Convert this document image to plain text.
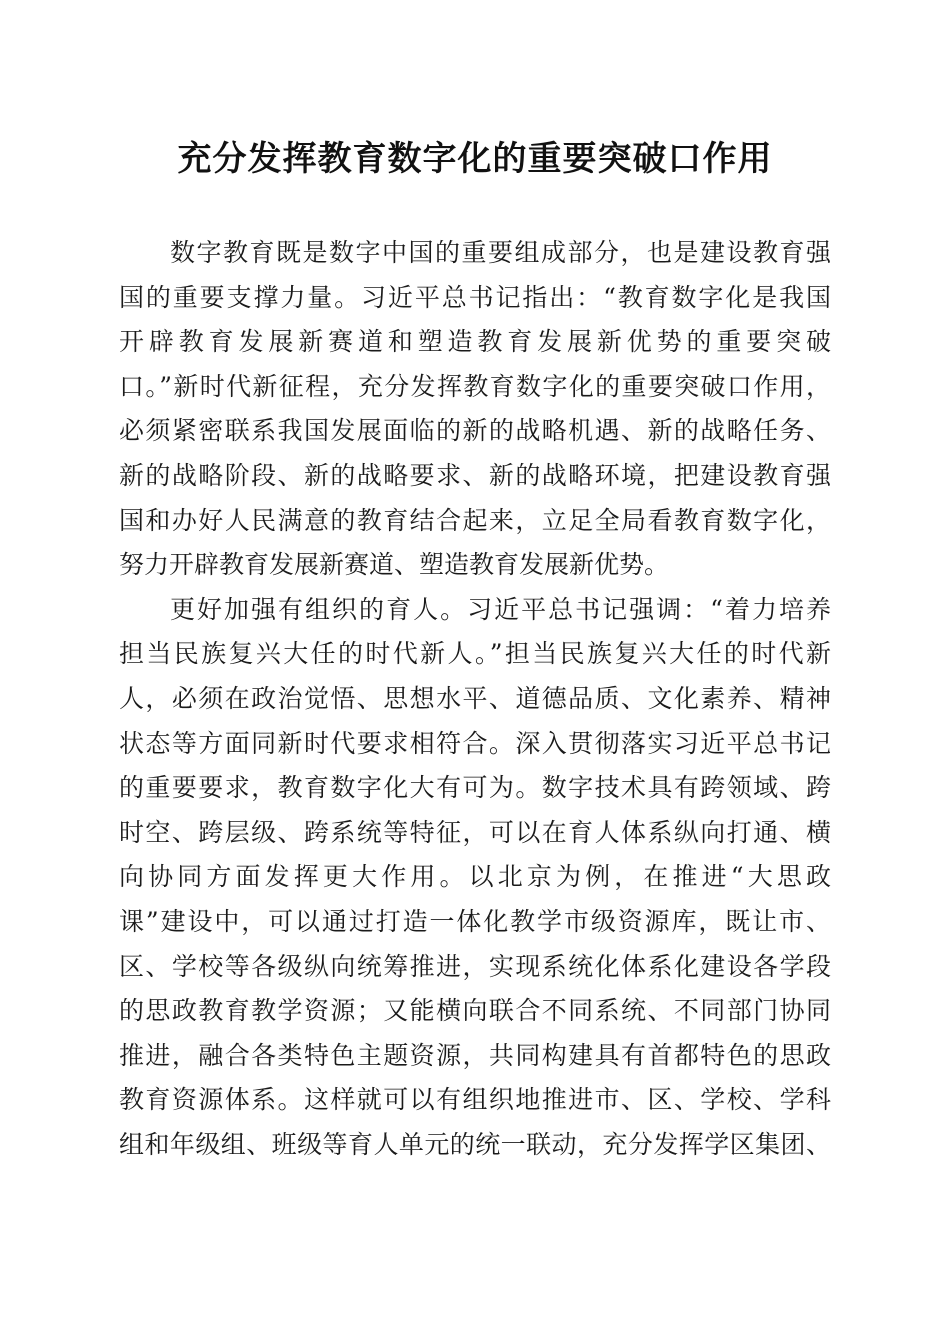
充分发挥教育数字化的重要突破口作用
数字教育既是数字中国的重要组成部分，也是建设教育强
国的重要支撑力量。习近平总书记指出：“教育数字化是我国
开辟教育发展新赛道和塑造教育发展新优势的重要突破
口。”新时代新征程，充分发挥教育数字化的重要突破口作用，
必须紧密联系我国发展面临的新的战略机遇、新的战略任务、
新的战略阶段、新的战略要求、新的战略环境，把建设教育强
国和办好人民满意的教育结合起来，立足全局看教育数字化，
努力开辟教育发展新赛道、塑造教育发展新优势。
更好加强有组织的育人。习近平总书记强调：“着力培养
担当民族复兴大任的时代新人。”担当民族复兴大任的时代新
人，必须在政治觉悟、思想水平、道德品质、文化素养、精神
状态等方面同新时代要求相符合。深入贯彻落实习近平总书记
的重要要求，教育数字化大有可为。数字技术具有跨领域、跨
时空、跨层级、跨系统等特征，可以在育人体系纵向打通、横
向协同方面发挥更大作用。以北京为例，在推进“大思政
课”建设中，可以通过打造一体化教学市级资源库，既让市、
区、学校等各级纵向统筹推进，实现系统化体系化建设各学段
的思政教育教学资源；又能横向联合不同系统、不同部门协同
推进，融合各类特色主题资源，共同构建具有首都特色的思政
教育资源体系。这样就可以有组织地推进市、区、学校、学科
组和年级组、班级等育人单元的统一联动，充分发挥学区集团、
